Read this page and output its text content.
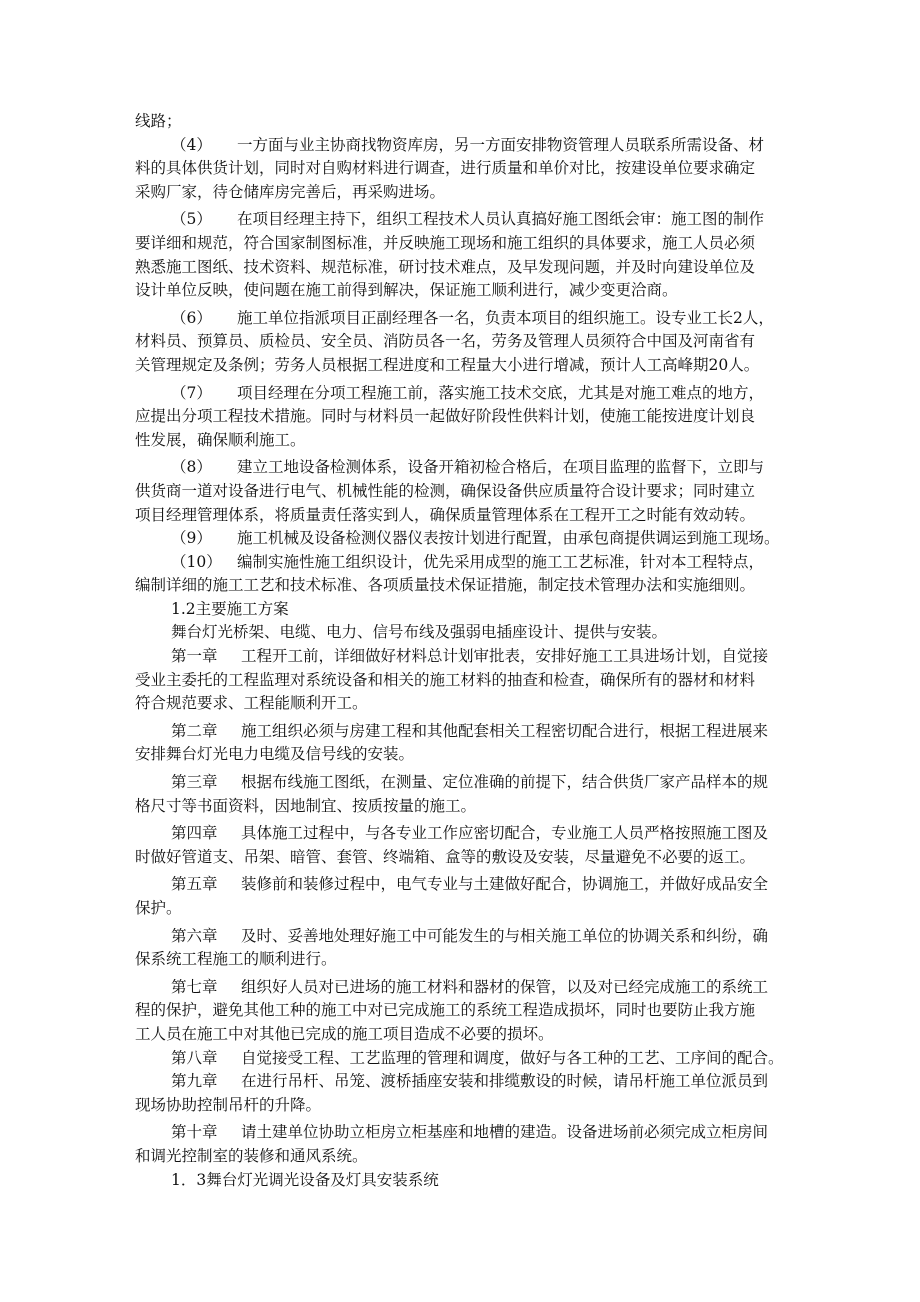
线路；
（4） 一方面与业主协商找物资库房，另一方面安排物资管理人员联系所需设备、材
料的具体供货计划，同时对自购材料进行调查，进行质量和单价对比，按建设单位要求确定
采购厂家，待仓储库房完善后，再采购进场。
（5） 在项目经理主持下，组织工程技术人员认真搞好施工图纸会审：施工图的制作
要详细和规范，符合国家制图标准，并反映施工现场和施工组织的具体要求，施工人员必须
熟悉施工图纸、技术资料、规范标准，研讨技术难点，及早发现问题，并及时向建设单位及
设计单位反映，使问题在施工前得到解决，保证施工顺利进行，减少变更洽商。
（6） 施工单位指派项目正副经理各一名，负责本项目的组织施工。设专业工长2人，
材料员、预算员、质检员、安全员、消防员各一名，劳务及管理人员须符合中国及河南省有
关管理规定及条例；劳务人员根据工程进度和工程量大小进行增减，预计人工高峰期20人。
（7） 项目经理在分项工程施工前，落实施工技术交底，尤其是对施工难点的地方，
应提出分项工程技术措施。同时与材料员一起做好阶段性供料计划，使施工能按进度计划良
性发展，确保顺利施工。
（8） 建立工地设备检测体系，设备开箱初检合格后，在项目监理的监督下，立即与
供货商一道对设备进行电气、机械性能的检测，确保设备供应质量符合设计要求；同时建立
项目经理管理体系，将质量责任落实到人，确保质量管理体系在工程开工之时能有效动转。
（9） 施工机械及设备检测仪器仪表按计划进行配置，由承包商提供调运到施工现场。
（10） 编制实施性施工组织设计，优先采用成型的施工工艺标准，针对本工程特点，
编制详细的施工工艺和技术标准、各项质量技术保证措施，制定技术管理办法和实施细则。
1.2主要施工方案
舞台灯光桥架、电缆、电力、信号布线及强弱电插座设计、提供与安装。
第一章 工程开工前，详细做好材料总计划审批表，安排好施工工具进场计划，自觉接
受业主委托的工程监理对系统设备和相关的施工材料的抽查和检查，确保所有的器材和材料
符合规范要求、工程能顺利开工。
第二章 施工组织必须与房建工程和其他配套相关工程密切配合进行，根据工程进展来
安排舞台灯光电力电缆及信号线的安装。
第三章 根据布线施工图纸，在测量、定位准确的前提下，结合供货厂家产品样本的规
格尺寸等书面资料，因地制宜、按质按量的施工。
第四章 具体施工过程中，与各专业工作应密切配合，专业施工人员严格按照施工图及
时做好管道支、吊架、暗管、套管、终端箱、盒等的敷设及安装，尽量避免不必要的返工。
第五章 装修前和装修过程中，电气专业与土建做好配合，协调施工，并做好成品安全
保护。
第六章 及时、妥善地处理好施工中可能发生的与相关施工单位的协调关系和纠纷，确
保系统工程施工的顺利进行。
第七章 组织好人员对已进场的施工材料和器材的保管，以及对已经完成施工的系统工
程的保护，避免其他工种的施工中对已完成施工的系统工程造成损坏，同时也要防止我方施
工人员在施工中对其他已完成的施工项目造成不必要的损坏。
第八章 自觉接受工程、工艺监理的管理和调度，做好与各工种的工艺、工序间的配合。
第九章 在进行吊杆、吊笼、渡桥插座安装和排缆敷设的时候，请吊杆施工单位派员到
现场协助控制吊杆的升降。
第十章 请土建单位协助立柜房立柜基座和地槽的建造。设备进场前必须完成立柜房间
和调光控制室的装修和通风系统。
1．3舞台灯光调光设备及灯具安装系统
